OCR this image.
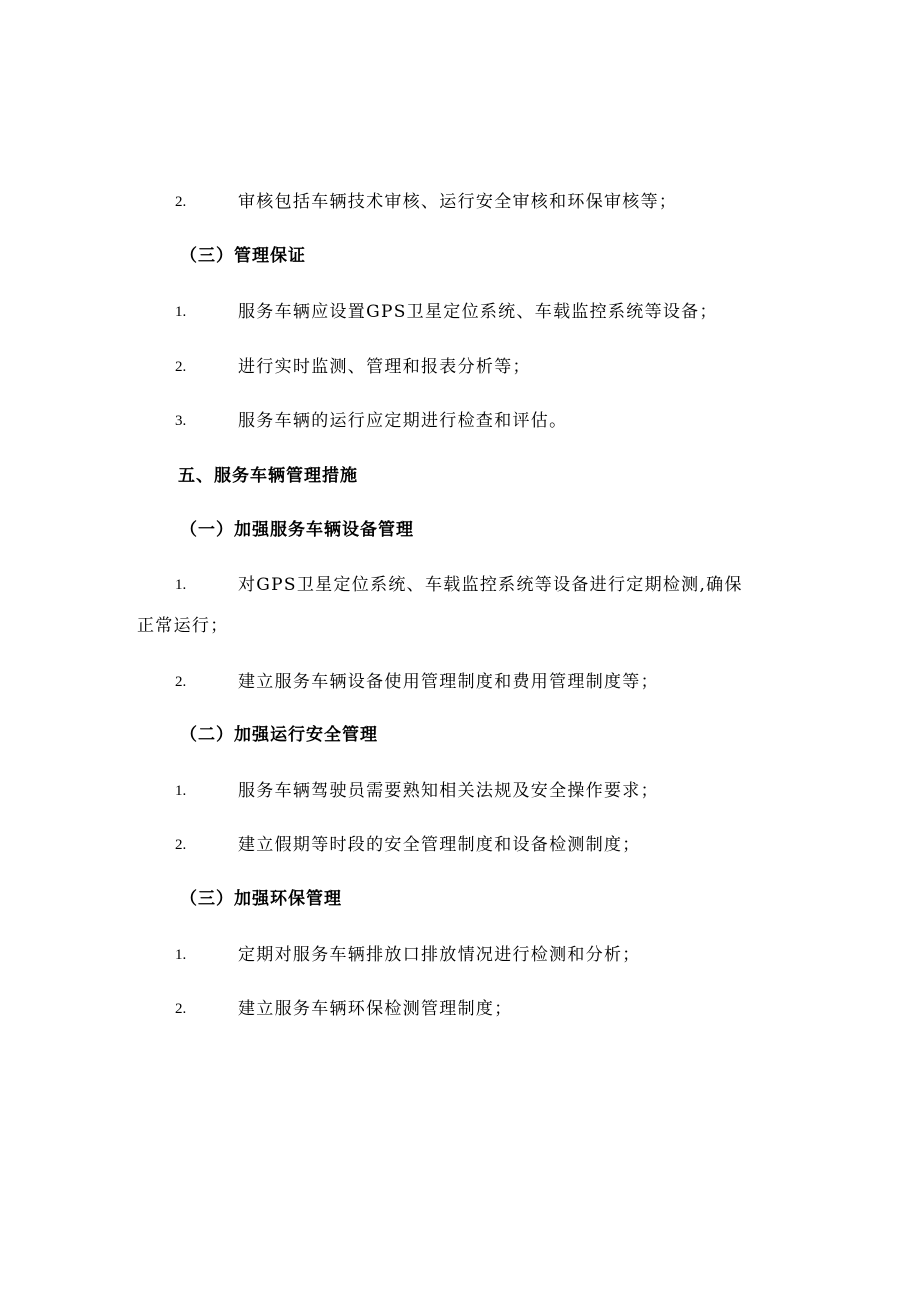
2.	审核包括车辆技术审核、运行安全审核和环保审核等；
（三）管理保证
1.	服务车辆应设置GPS卫星定位系统、车载监控系统等设备；
2.	进行实时监测、管理和报表分析等；
3.	服务车辆的运行应定期进行检查和评估。
五、服务车辆管理措施
（一）加强服务车辆设备管理
1.	对GPS卫星定位系统、车载监控系统等设备进行定期检测,确保
正常运行；
2.	建立服务车辆设备使用管理制度和费用管理制度等；
（二）加强运行安全管理
1.	服务车辆驾驶员需要熟知相关法规及安全操作要求；
2.	建立假期等时段的安全管理制度和设备检测制度；
（三）加强环保管理
1.	定期对服务车辆排放口排放情况进行检测和分析；
2.	建立服务车辆环保检测管理制度；
